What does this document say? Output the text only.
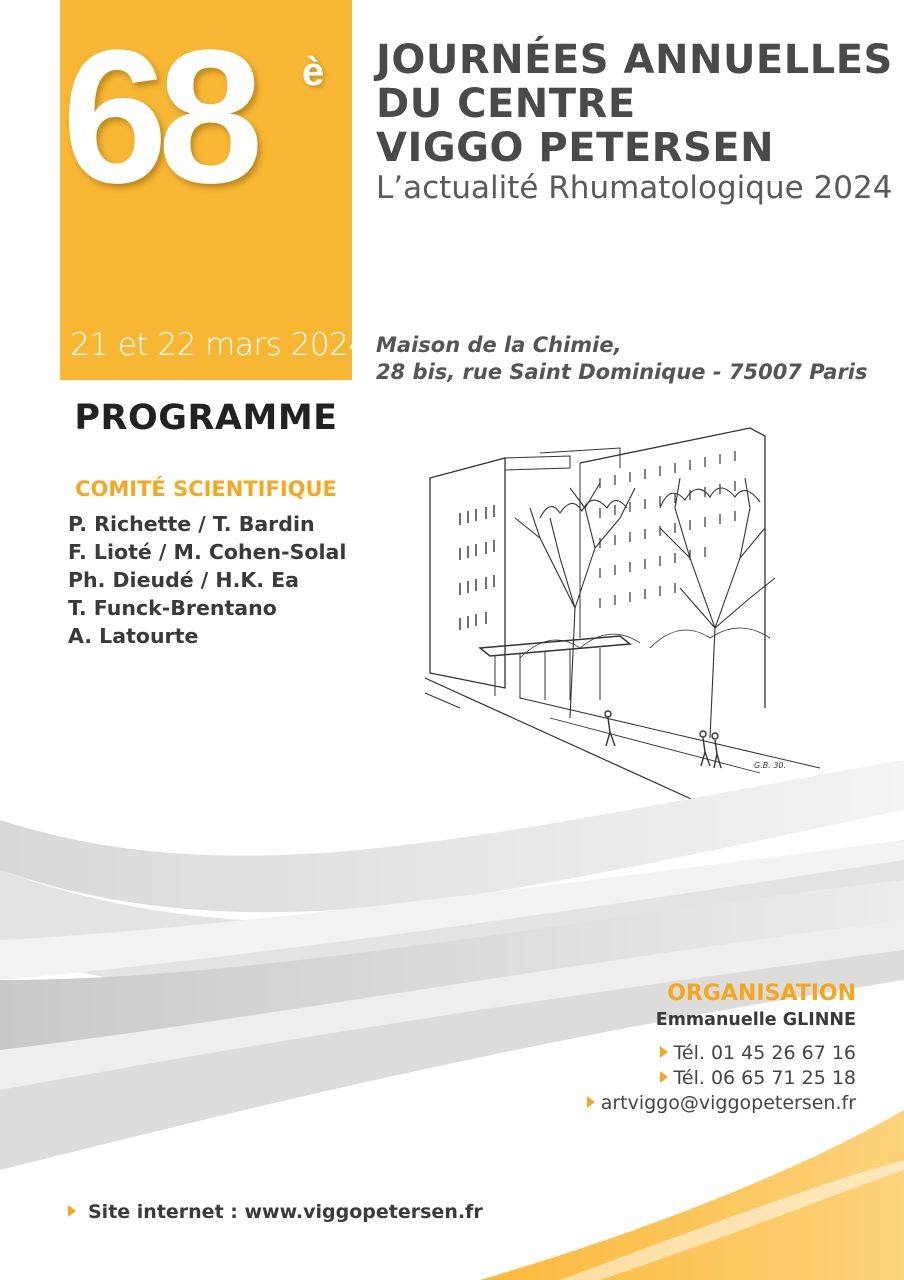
68 è
21 et 22 mars 2024
JOURNÉES ANNUELLES
DU CENTRE
VIGGO PETERSEN
L’actualité Rhumatologique 2024
Maison de la Chimie,
28 bis, rue Saint Dominique - 75007 Paris
PROGRAMME
COMITÉ SCIENTIFIQUE
P. Richette / T. Bardin
F. Lioté / M. Cohen-Solal
Ph. Dieudé / H.K. Ea
T. Funck-Brentano
A. Latourte
G.B. 30.
ORGANISATION
Emmanuelle GLINNE
Tél. 01 45 26 67 16
Tél. 06 65 71 25 18
artviggo@viggopetersen.fr
Site internet : www.viggopetersen.fr
